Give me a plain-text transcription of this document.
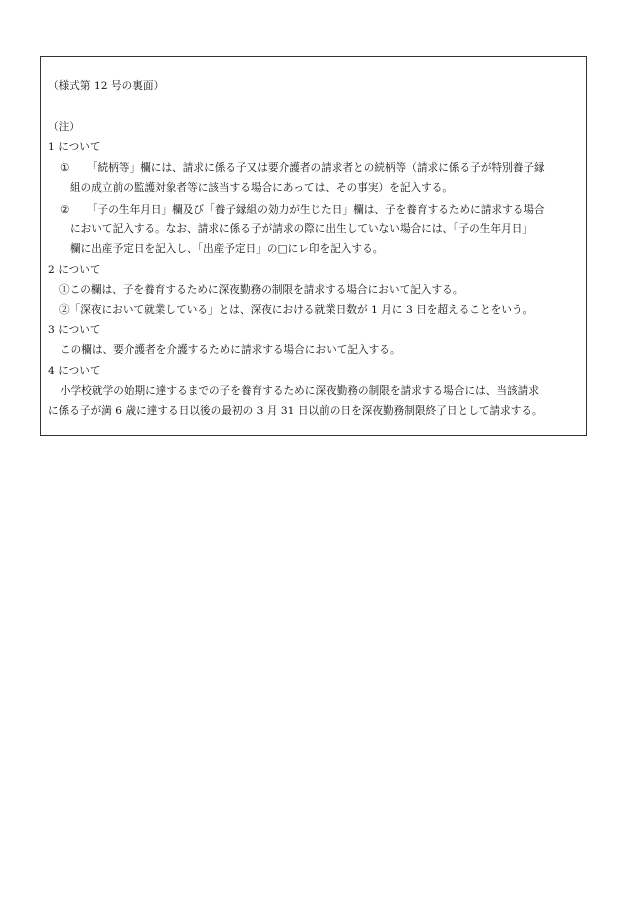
（様式第 12 号の裏面）
（注）
1 について
① 「続柄等」欄には、請求に係る子又は要介護者の請求者との続柄等（請求に係る子が特別養子縁
組の成立前の監護対象者等に該当する場合にあっては、その事実）を記入する。
② 「子の生年月日」欄及び「養子縁組の効力が生じた日」欄は、子を養育するために請求する場合
において記入する。なお、請求に係る子が請求の際に出生していない場合には、「子の生年月日」
欄に出産予定日を記入し、「出産予定日」の□にレ印を記入する。
2 について
①この欄は、子を養育するために深夜勤務の制限を請求する場合において記入する。
②「深夜において就業している」とは、深夜における就業日数が 1 月に 3 日を超えることをいう。
3 について
この欄は、要介護者を介護するために請求する場合において記入する。
4 について
小学校就学の始期に達するまでの子を養育するために深夜勤務の制限を請求する場合には、当該請求
に係る子が満 6 歳に達する日以後の最初の 3 月 31 日以前の日を深夜勤務制限終了日として請求する。
